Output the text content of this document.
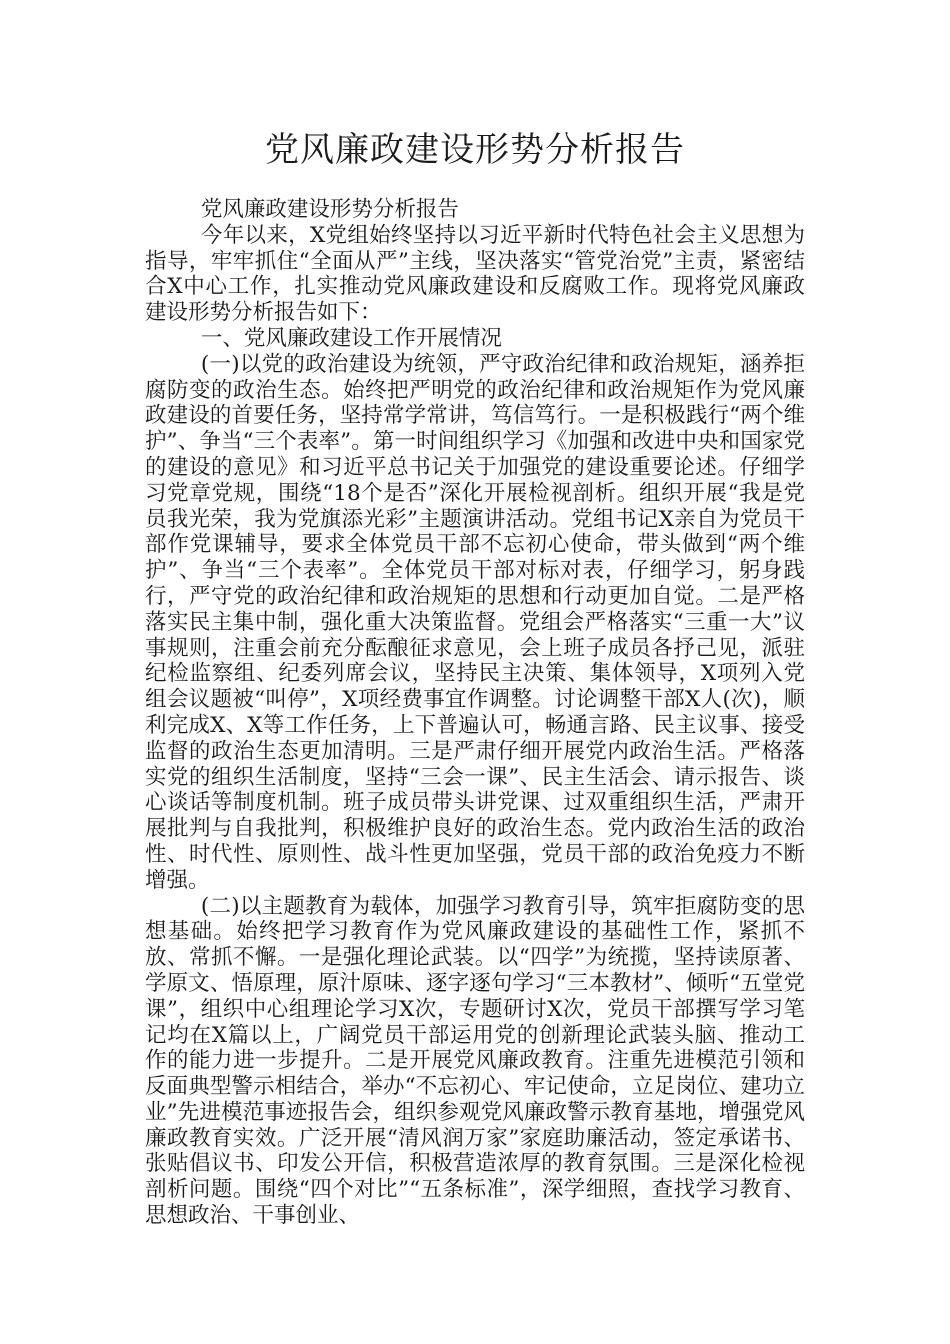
党风廉政建设形势分析报告

党风廉政建设形势分析报告

今年以来，X党组始终坚持以习近平新时代特色社会主义思想为指导，牢牢抓住“全面从严”主线，坚决落实“管党治党”主责，紧密结合X中心工作，扎实推动党风廉政建设和反腐败工作。现将党风廉政建设形势分析报告如下：

一、党风廉政建设工作开展情况

(一)以党的政治建设为统领，严守政治纪律和政治规矩，涵养拒腐防变的政治生态。始终把严明党的政治纪律和政治规矩作为党风廉政建设的首要任务，坚持常学常讲，笃信笃行。一是积极践行“两个维护”、争当“三个表率”。第一时间组织学习《加强和改进中央和国家党的建设的意见》和习近平总书记关于加强党的建设重要论述。仔细学习党章党规，围绕“18个是否”深化开展检视剖析。组织开展“我是党员我光荣，我为党旗添光彩”主题演讲活动。党组书记X亲自为党员干部作党课辅导，要求全体党员干部不忘初心使命，带头做到“两个维护”、争当“三个表率”。全体党员干部对标对表，仔细学习，躬身践行，严守党的政治纪律和政治规矩的思想和行动更加自觉。二是严格落实民主集中制，强化重大决策监督。党组会严格落实“三重一大”议事规则，注重会前充分酝酿征求意见，会上班子成员各抒己见，派驻纪检监察组、纪委列席会议，坚持民主决策、集体领导，X项列入党组会议题被“叫停”，X项经费事宜作调整。讨论调整干部X人(次)，顺利完成X、X等工作任务，上下普遍认可，畅通言路、民主议事、接受监督的政治生态更加清明。三是严肃仔细开展党内政治生活。严格落实党的组织生活制度，坚持“三会一课”、民主生活会、请示报告、谈心谈话等制度机制。班子成员带头讲党课、过双重组织生活，严肃开展批判与自我批判，积极维护良好的政治生态。党内政治生活的政治性、时代性、原则性、战斗性更加坚强，党员干部的政治免疫力不断增强。

(二)以主题教育为载体，加强学习教育引导，筑牢拒腐防变的思想基础。始终把学习教育作为党风廉政建设的基础性工作，紧抓不放、常抓不懈。一是强化理论武装。以“四学”为统揽，坚持读原著、学原文、悟原理，原汁原味、逐字逐句学习“三本教材”、倾听“五堂党课”，组织中心组理论学习X次，专题研讨X次，党员干部撰写学习笔记均在X篇以上，广阔党员干部运用党的创新理论武装头脑、推动工作的能力进一步提升。二是开展党风廉政教育。注重先进模范引领和反面典型警示相结合，举办“不忘初心、牢记使命，立足岗位、建功立业”先进模范事迹报告会，组织参观党风廉政警示教育基地，增强党风廉政教育实效。广泛开展“清风润万家”家庭助廉活动，签定承诺书、张贴倡议书、印发公开信，积极营造浓厚的教育氛围。三是深化检视剖析问题。围绕“四个对比”“五条标准”，深学细照，查找学习教育、思想政治、干事创业、
